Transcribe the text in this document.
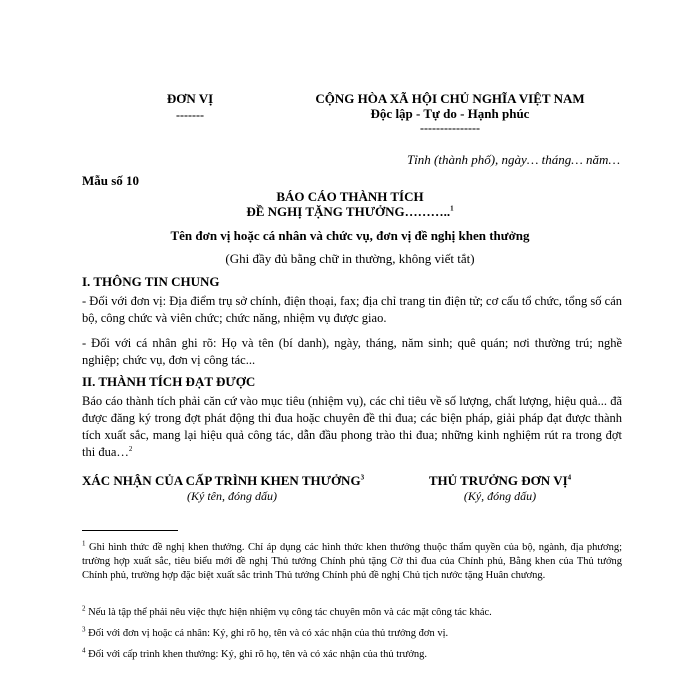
ĐƠN VỊ
-------
CỘNG HÒA XÃ HỘI CHỦ NGHĨA VIỆT NAM
Độc lập - Tự do - Hạnh phúc
---------------
Tỉnh (thành phố), ngày… tháng… năm…
Mẫu số 10
BÁO CÁO THÀNH TÍCH
ĐỀ NGHỊ TẶNG THƯỞNG………..$^1$
Tên đơn vị hoặc cá nhân và chức vụ, đơn vị đề nghị khen thưởng
(Ghi đầy đủ bằng chữ in thường, không viết tắt)
I. THÔNG TIN CHUNG
- Đối với đơn vị: Địa điểm trụ sở chính, điện thoại, fax; địa chỉ trang tin điện tử; cơ cấu tổ chức, tổng số cán bộ, công chức và viên chức; chức năng, nhiệm vụ được giao.
- Đối với cá nhân ghi rõ: Họ và tên (bí danh), ngày, tháng, năm sinh; quê quán; nơi thường trú; nghề nghiệp; chức vụ, đơn vị công tác...
II. THÀNH TÍCH ĐẠT ĐƯỢC
Báo cáo thành tích phải căn cứ vào mục tiêu (nhiệm vụ), các chỉ tiêu về số lượng, chất lượng, hiệu quả... đã được đăng ký trong đợt phát động thi đua hoặc chuyên đề thi đua; các biện pháp, giải pháp đạt được thành tích xuất sắc, mang lại hiệu quả công tác, dẫn đầu phong trào thi đua; những kinh nghiệm rút ra trong đợt thi đua…$^2$
XÁC NHẬN CỦA CẤP TRÌNH KHEN THƯỞNG$^3$
(Ký tên, đóng dấu)
THỦ TRƯỞNG ĐƠN VỊ$^4$
(Ký, đóng dấu)
$^1$ Ghi hình thức đề nghị khen thưởng. Chỉ áp dụng các hình thức khen thưởng thuộc thẩm quyền của bộ, ngành, địa phương; trường hợp xuất sắc, tiêu biểu mới đề nghị Thủ tướng Chính phủ tặng Cờ thi đua của Chính phủ, Bằng khen của Thủ tướng Chính phủ, trường hợp đặc biệt xuất sắc trình Thủ tướng Chính phủ đề nghị Chủ tịch nước tặng Huân chương.
$^2$ Nếu là tập thể phải nêu việc thực hiện nhiệm vụ công tác chuyên môn và các mặt công tác khác.
$^3$ Đối với đơn vị hoặc cá nhân: Ký, ghi rõ họ, tên và có xác nhận của thủ trưởng đơn vị.
$^4$ Đối với cấp trình khen thưởng: Ký, ghi rõ họ, tên và có xác nhận của thủ trưởng.
